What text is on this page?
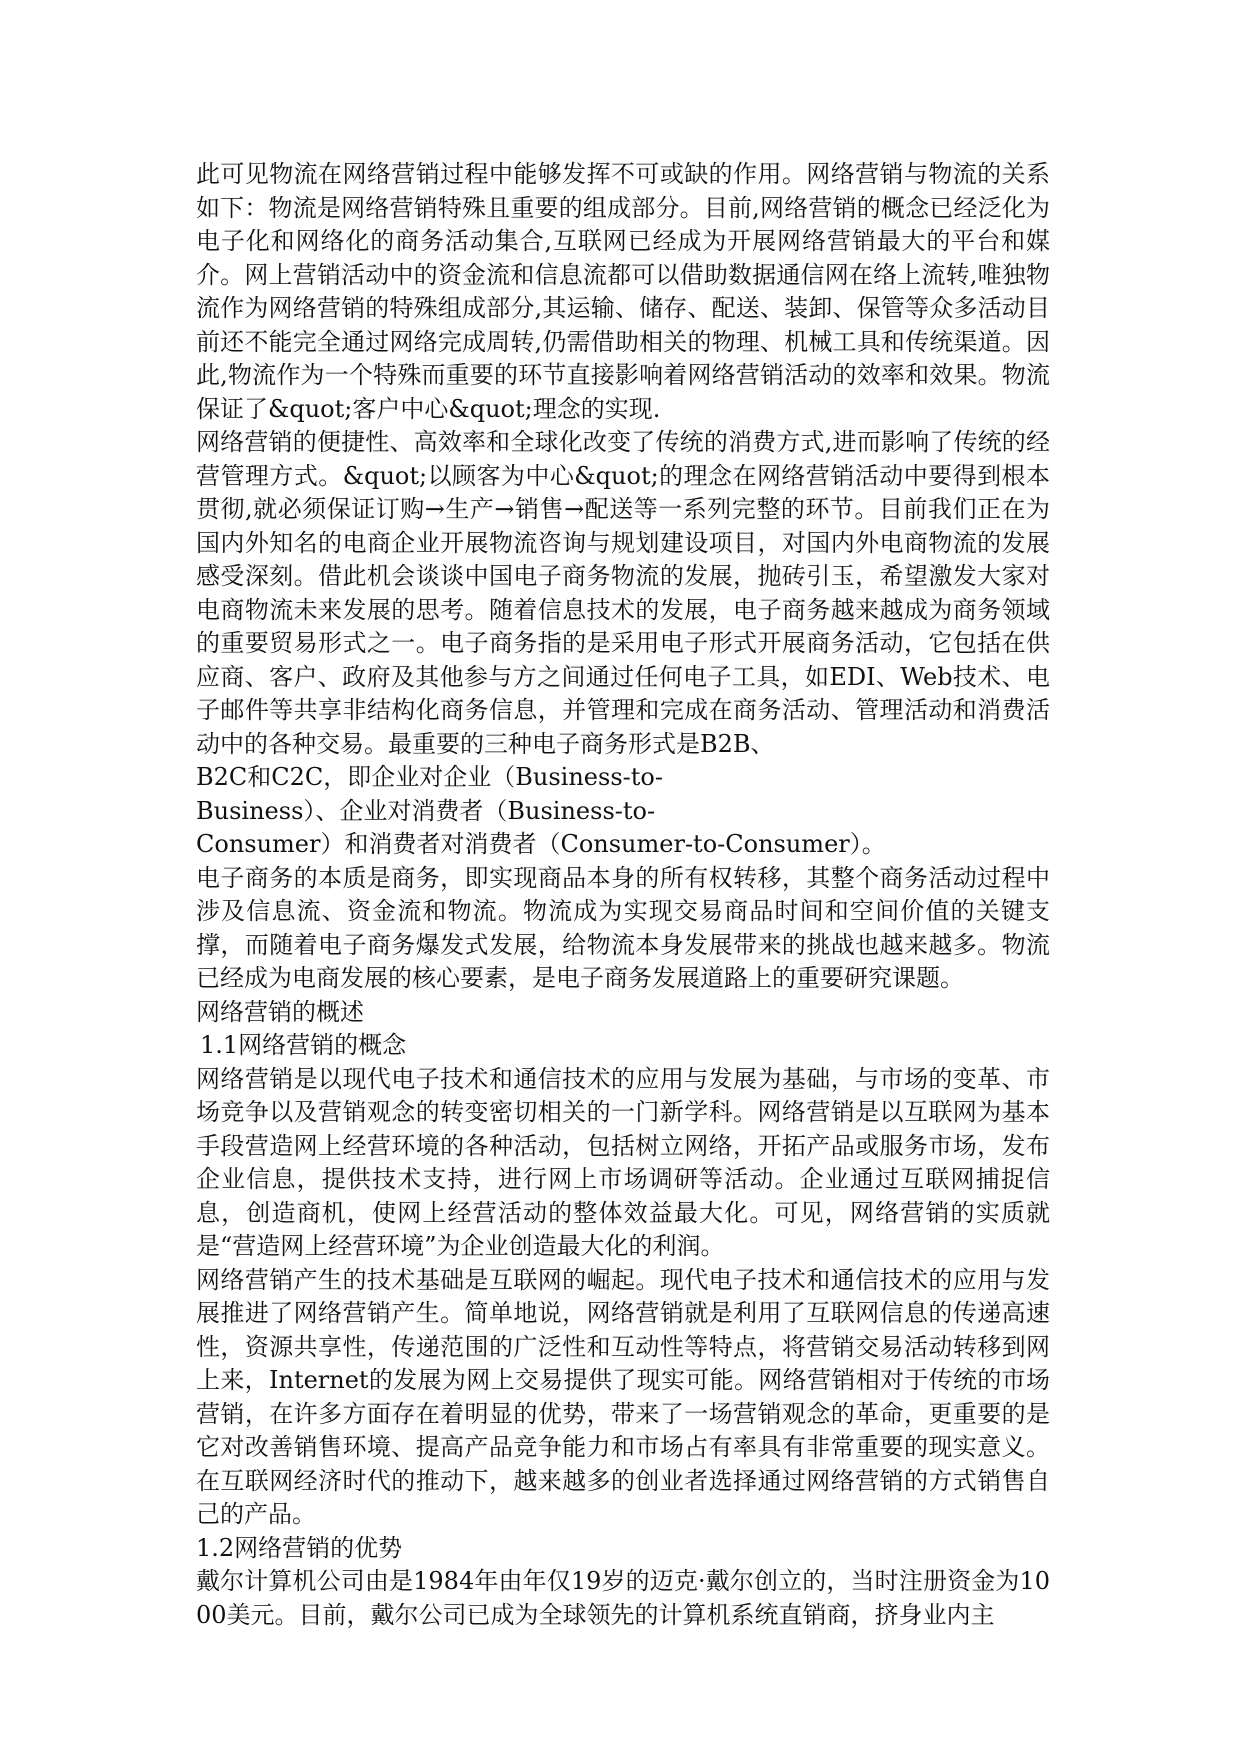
此可见物流在网络营销过程中能够发挥不可或缺的作用。网络营销与物流的关系如下：物流是网络营销特殊且重要的组成部分。目前,网络营销的概念已经泛化为电子化和网络化的商务活动集合,互联网已经成为开展网络营销最大的平台和媒介。网上营销活动中的资金流和信息流都可以借助数据通信网在络上流转,唯独物流作为网络营销的特殊组成部分,其运输、储存、配送、装卸、保管等众多活动目前还不能完全通过网络完成周转,仍需借助相关的物理、机械工具和传统渠道。因此,物流作为一个特殊而重要的环节直接影响着网络营销活动的效率和效果。物流保证了&quot;客户中心&quot;理念的实现.

网络营销的便捷性、高效率和全球化改变了传统的消费方式,进而影响了传统的经营管理方式。&quot;以顾客为中心&quot;的理念在网络营销活动中要得到根本贯彻,就必须保证订购→生产→销售→配送等一系列完整的环节。目前我们正在为国内外知名的电商企业开展物流咨询与规划建设项目，对国内外电商物流的发展感受深刻。借此机会谈谈中国电子商务物流的发展，抛砖引玉，希望激发大家对电商物流未来发展的思考。随着信息技术的发展，电子商务越来越成为商务领域的重要贸易形式之一。电子商务指的是采用电子形式开展商务活动，它包括在供应商、客户、政府及其他参与方之间通过任何电子工具，如EDI、Web技术、电子邮件等共享非结构化商务信息，并管理和完成在商务活动、管理活动和消费活动中的各种交易。最重要的三种电子商务形式是B2B、

B2C和C2C，即企业对企业（Business-to-

Business）、企业对消费者（Business-to-

Consumer）和消费者对消费者（Consumer-to-Consumer）。

电子商务的本质是商务，即实现商品本身的所有权转移，其整个商务活动过程中涉及信息流、资金流和物流。物流成为实现交易商品时间和空间价值的关键支撑，而随着电子商务爆发式发展，给物流本身发展带来的挑战也越来越多。物流已经成为电商发展的核心要素，是电子商务发展道路上的重要研究课题。

网络营销的概述

1.1网络营销的概念

网络营销是以现代电子技术和通信技术的应用与发展为基础，与市场的变革、市场竞争以及营销观念的转变密切相关的一门新学科。网络营销是以互联网为基本手段营造网上经营环境的各种活动，包括树立网络，开拓产品或服务市场，发布企业信息，提供技术支持，进行网上市场调研等活动。企业通过互联网捕捉信息，创造商机，使网上经营活动的整体效益最大化。可见，网络营销的实质就是“营造网上经营环境”为企业创造最大化的利润。

网络营销产生的技术基础是互联网的崛起。现代电子技术和通信技术的应用与发展推进了网络营销产生。简单地说，网络营销就是利用了互联网信息的传递高速性，资源共享性，传递范围的广泛性和互动性等特点，将营销交易活动转移到网上来，Internet的发展为网上交易提供了现实可能。网络营销相对于传统的市场营销，在许多方面存在着明显的优势，带来了一场营销观念的革命，更重要的是它对改善销售环境、提高产品竞争能力和市场占有率具有非常重要的现实意义。在互联网经济时代的推动下，越来越多的创业者选择通过网络营销的方式销售自己的产品。

1.2网络营销的优势

戴尔计算机公司由是1984年由年仅19岁的迈克·戴尔创立的，当时注册资金为1000美元。目前，戴尔公司已成为全球领先的计算机系统直销商，挤身业内主
